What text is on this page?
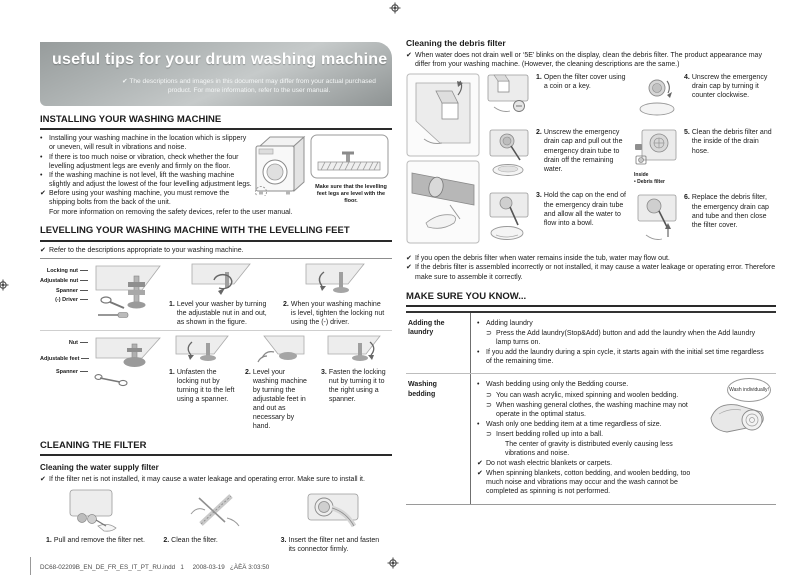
useful tips for your drum washing machine
✔ The descriptions and images in this document may differ from your actual purchased product. For more information, refer to the user manual.
INSTALLING YOUR WASHING MACHINE
• Installing your washing machine in the location which is slippery or uneven, will result in vibrations and noise.
• If there is too much noise or vibration, check whether the four levelling adjustment legs are evenly and firmly on the floor.
• If the washing machine is not level, lift the washing machine slightly and adjust the lowest of the four levelling adjustment legs.
✔ Before using your washing machine, you must remove the shipping bolts from the back of the unit.
Make sure that the levelling feet legs are level with the floor.
For more information on removing the safety devices, refer to the user manual.
LEVELLING YOUR WASHING MACHINE WITH THE LEVELLING FEET
✔ Refer to the descriptions appropriate to your washing machine.
Locking nut
Adjustable nut
Spanner
(-) Driver
1. Level your washer by turning the adjustable nut in and out, as shown in the figure.
2. When your washing machine is level, tighten the locking nut using the (-) driver.
Nut
Adjustable feet
Spanner	1. Unfasten the locking nut by turning it to the left using a spanner.
2. Level your washing machine by turning the adjustable feet in and out as necessary by hand.
3. Fasten the locking nut by turning it to the right using a spanner.
CLEANING THE FILTER
Cleaning the water supply filter
✔ If the filter net is not installed, it may cause a water leakage and operating error. Make sure to install it.
1. Pull and remove the filter net.	2. Clean the filter.	3. Insert the filter net and fasten its connector firmly.
Cleaning the debris filter
✔ When water does not drain well or ‘5E’ blinks on the display, clean the debris filter. The product appearance may differ from your washing machine. (However, the cleaning descriptions are the same.)
1. Open the filter cover using a coin or a key.
2. Unscrew the emergency drain cap and pull out the emergency drain tube to drain off the remaining water.
3. Hold the cap on the end of the emergency drain tube and allow all the water to flow into a bowl.
4. Unscrew the emergency drain cap by turning it counter clockwise.
Inside
• Debris filter
5. Clean the debris filter and the inside of the drain hose.
6. Replace the debris filter, the emergency drain cap and tube and then close the filter cover.
✔ If you open the debris filter when water remains inside the tub, water may flow out.
✔ If the debris filter is assembled incorrectly or not installed, it may cause a water leakage or operating error. Therefore make sure to assemble it correctly.
MAKE SURE YOU KNOW...
Adding the laundry
• Adding laundry
⊃ Press the Add laundry(Stop&Add) button and add the laundry when the Add laundry lamp turns on.
• If you add the laundry during a spin cycle, it starts again with the initial set time regardless of the remaining time.
Washing bedding
• Wash bedding using only the Bedding course.
⊃ You can wash acrylic, mixed spinning and woolen bedding.
⊃ When washing general clothes, the washing machine may not operate in the optimal status.
• Wash only one bedding item at a time regardless of size.
⊃ Insert bedding rolled up into a ball.
The center of gravity is distributed evenly causing less vibrations and noise.
✔ Do not wash electric blankets or carpets.
✔ When spinning blankets, cotton bedding, and woolen bedding, too much noise and vibrations may occur and the wash cannot be completed as spinning is not performed.
Wash individually!
DC68-02209B_EN_DE_FR_ES_IT_PT_RU.indd   1     2008-03-19   ¿ÀÈÄ 3:03:50
